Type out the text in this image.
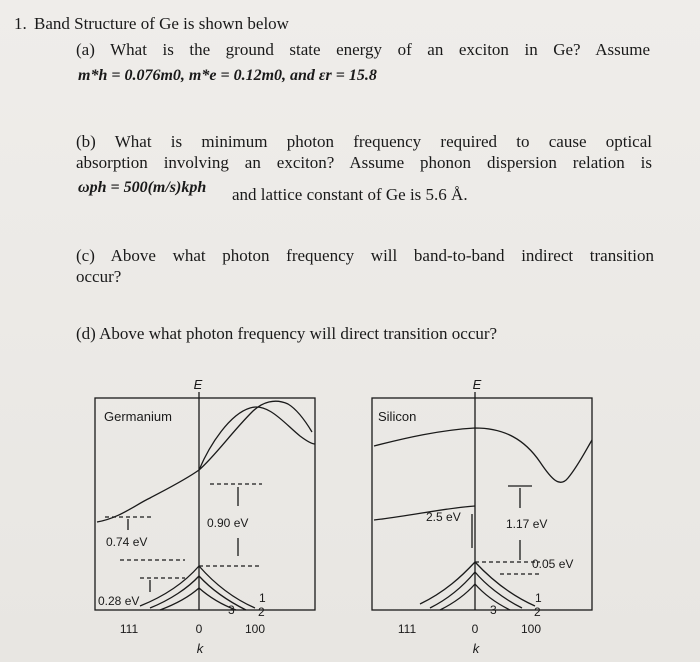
1. Band Structure of Ge is shown below
(a) What is the ground state energy of an exciton in Ge? Assume
m*h = 0.076m0, m*e = 0.12m0, and εr = 15.8
(b) What is minimum photon frequency required to cause optical
absorption involving an exciton? Assume phonon dispersion relation is
ωph = 500(m/s)kph and lattice constant of Ge is 5.6 Å.
(c) Above what photon frequency will band-to-band indirect transition
occur?
(d) Above what photon frequency will direct transition occur?
E
Germanium
0.90 eV
0.74 eV
0.28 eV
111	0	100
3 2
1
k
E
Silicon
2.5 eV	1.17 eV
0.05 eV
111	0	100
3	2
1
k
